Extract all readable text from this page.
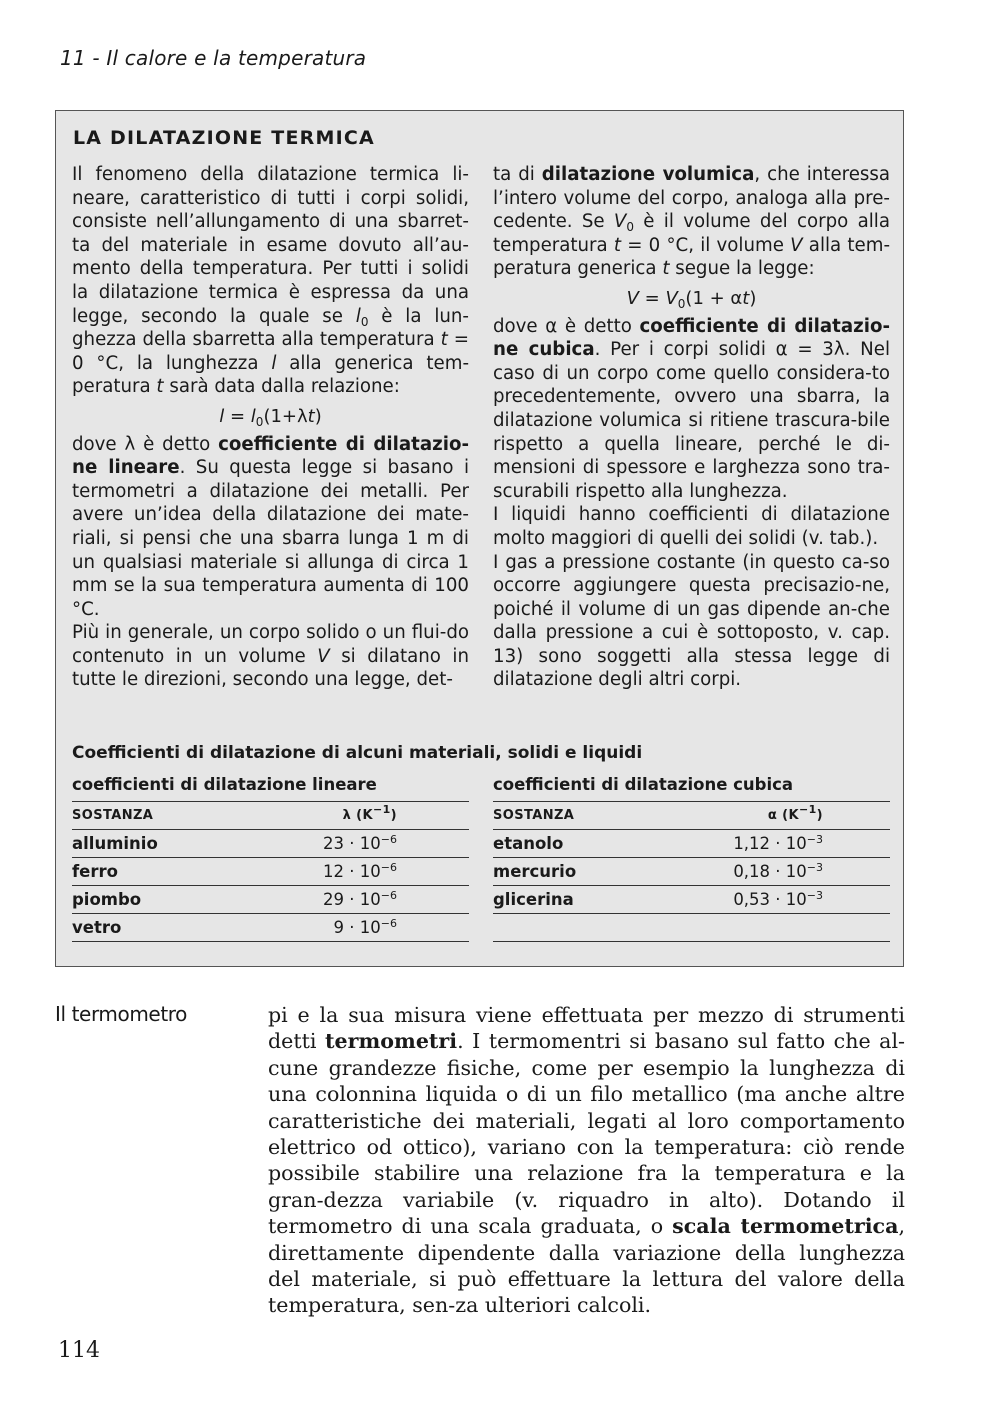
11 - Il calore e la temperatura
LA DILATAZIONE TERMICA

Il fenomeno della dilatazione termica li-neare, caratteristico di tutti i corpi solidi, consiste nell’allungamento di una sbarret-ta del materiale in esame dovuto all’au-mento della temperatura. Per tutti i solidi la dilatazione termica è espressa da una legge, secondo la quale se $l_0$ è la lun-ghezza della sbarretta alla temperatura t = 0 °C, la lunghezza l alla generica tem-peratura t sarà data dalla relazione:

$l = l_0(1+\lambda t)$

dove λ è detto coefficiente di dilatazio-ne lineare. Su questa legge si basano i termometri a dilatazione dei metalli. Per avere un’idea della dilatazione dei mate-riali, si pensi che una sbarra lunga 1 m di un qualsiasi materiale si allunga di circa 1 mm se la sua temperatura aumenta di 100 °C.

Più in generale, un corpo solido o un flui-do contenuto in un volume V si dilatano in tutte le direzioni, secondo una legge, det-

ta di dilatazione volumica, che interessa l’intero volume del corpo, analoga alla pre-cedente. Se $V_0$ è il volume del corpo alla temperatura t = 0 °C, il volume V alla tem-peratura generica t segue la legge:

$V = V_0(1 + \alpha t)$

dove α è detto coefficiente di dilatazio-ne cubica. Per i corpi solidi α = 3λ. Nel caso di un corpo come quello considera-to precedentemente, ovvero una sbarra, la dilatazione volumica si ritiene trascura-bile rispetto a quella lineare, perché le di-mensioni di spessore e larghezza sono tra-scurabili rispetto alla lunghezza.

I liquidi hanno coefficienti di dilatazione molto maggiori di quelli dei solidi (v. tab.).

I gas a pressione costante (in questo ca-so occorre aggiungere questa precisazio-ne, poiché il volume di un gas dipende an-che dalla pressione a cui è sottoposto, v. cap. 13) sono soggetti alla stessa legge di dilatazione degli altri corpi.

Coefficienti di dilatazione di alcuni materiali, solidi e liquidi
coefficienti di dilatazione lineare
SOSTANZA	λ $(K^{-1})$
alluminio	$23 \cdot 10^{-6}$
ferro	$12 \cdot 10^{-6}$
piombo	$29 \cdot 10^{-6}$
vetro	$9 \cdot 10^{-6}$
coefficienti di dilatazione cubica
SOSTANZA	α $(K^{-1})$
etanolo	$1,12 \cdot 10^{-3}$
mercurio	$0,18 \cdot 10^{-3}$
glicerina	$0,53 \cdot 10^{-3}$
Il termometro	pi e la sua misura viene effettuata per mezzo di strumenti detti termometri. I termomentri si basano sul fatto che al-cune grandezze fisiche, come per esempio la lunghezza di una colonnina liquida o di un filo metallico (ma anche altre caratteristiche dei materiali, legati al loro comportamento elettrico od ottico), variano con la temperatura: ciò rende possibile stabilire una relazione fra la temperatura e la gran-dezza variabile (v. riquadro in alto). Dotando il termometro di una scala graduata, o scala termometrica, direttamente dipendente dalla variazione della lunghezza del materiale, si può effettuare la lettura del valore della temperatura, sen-za ulteriori calcoli.

114
